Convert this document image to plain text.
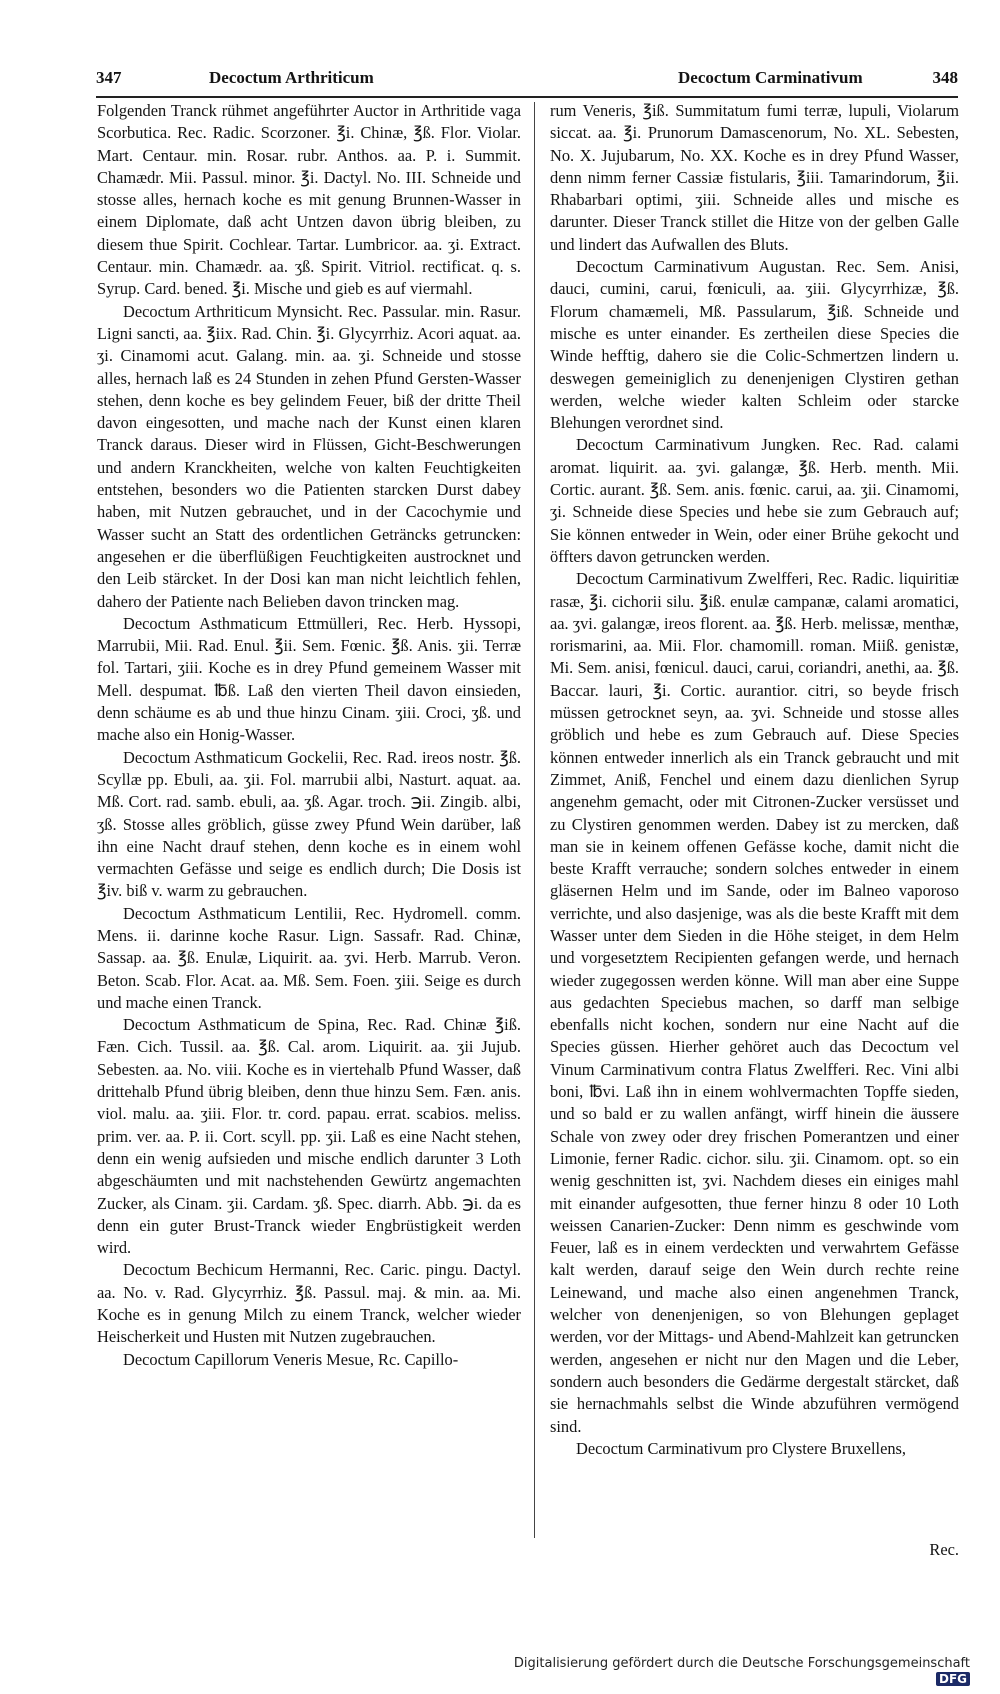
347	Decoctum Arthriticum	Decoctum Carminativum	348

Folgenden Tranck rühmet angeführter Auctor in Arthritide vaga Scorbutica. Rec. Radic. Scorzoner. ℥i. Chinæ, ℥ß. Flor. Violar. Mart. Centaur. min. Rosar. rubr. Anthos. aa. P. i. Summit. Chamædr. Mii. Passul. minor. ℥i. Dactyl. No. III. Schneide und stosse alles, hernach koche es mit genung Brunnen-Wasser in einem Diplomate, daß acht Untzen davon übrig bleiben, zu diesem thue Spirit. Cochlear. Tartar. Lumbricor. aa. ʒi. Extract. Centaur. min. Chamædr. aa. ʒß. Spirit. Vitriol. rectificat. q. s. Syrup. Card. bened. ℥i. Mische und gieb es auf viermahl.

Decoctum Arthriticum Mynsicht. Rec. Passular. min. Rasur. Ligni sancti, aa. ℥iix. Rad. Chin. ℥i. Glycyrrhiz. Acori aquat. aa. ʒi. Cinamomi acut. Galang. min. aa. ʒi. Schneide und stosse alles, hernach laß es 24 Stunden in zehen Pfund Gersten-Wasser stehen, denn koche es bey gelindem Feuer, biß der dritte Theil davon eingesotten, und mache nach der Kunst einen klaren Tranck daraus. Dieser wird in Flüssen, Gicht-Beschwerungen und andern Kranckheiten, welche von kalten Feuchtigkeiten entstehen, besonders wo die Patienten starcken Durst dabey haben, mit Nutzen gebrauchet, und in der Cacochymie und Wasser sucht an Statt des ordentlichen Geträncks getruncken: angesehen er die überflüßigen Feuchtigkeiten austrocknet und den Leib stärcket. In der Dosi kan man nicht leichtlich fehlen, dahero der Patiente nach Belieben davon trincken mag.

Decoctum Asthmaticum Ettmülleri, Rec. Herb. Hyssopi, Marrubii, Mii. Rad. Enul. ℥ii. Sem. Fœnic. ℥ß. Anis. ʒii. Terræ fol. Tartari, ʒiii. Koche es in drey Pfund gemeinem Wasser mit Mell. despumat. ℔ß. Laß den vierten Theil davon einsieden, denn schäume es ab und thue hinzu Cinam. ʒiii. Croci, ʒß. und mache also ein Honig-Wasser.

Decoctum Asthmaticum Gockelii, Rec. Rad. ireos nostr. ℥ß. Scyllæ pp. Ebuli, aa. ʒii. Fol. marrubii albi, Nasturt. aquat. aa. Mß. Cort. rad. samb. ebuli, aa. ʒß. Agar. troch. ℈ii. Zingib. albi, ʒß. Stosse alles gröblich, güsse zwey Pfund Wein darüber, laß ihn eine Nacht drauf stehen, denn koche es in einem wohl vermachten Gefässe und seige es endlich durch; Die Dosis ist ℥iv. biß v. warm zu gebrauchen.

Decoctum Asthmaticum Lentilii, Rec. Hydromell. comm. Mens. ii. darinne koche Rasur. Lign. Sassafr. Rad. Chinæ, Sassap. aa. ℥ß. Enulæ, Liquirit. aa. ʒvi. Herb. Marrub. Veron. Beton. Scab. Flor. Acat. aa. Mß. Sem. Foen. ʒiii. Seige es durch und mache einen Tranck.

Decoctum Asthmaticum de Spina, Rec. Rad. Chinæ ℥iß. Fæn. Cich. Tussil. aa. ℥ß. Cal. arom. Liquirit. aa. ʒii Jujub. Sebesten. aa. No. viii. Koche es in viertehalb Pfund Wasser, daß drittehalb Pfund übrig bleiben, denn thue hinzu Sem. Fæn. anis. viol. malu. aa. ʒiii. Flor. tr. cord. papau. errat. scabios. meliss. prim. ver. aa. P. ii. Cort. scyll. pp. ʒii. Laß es eine Nacht stehen, denn ein wenig aufsieden und mische endlich darunter 3 Loth abgeschäumten und mit nachstehenden Gewürtz angemachten Zucker, als Cinam. ʒii. Cardam. ʒß. Spec. diarrh. Abb. ℈i. da es denn ein guter Brust-Tranck wieder Engbrüstigkeit werden wird.

Decoctum Bechicum Hermanni, Rec. Caric. pingu. Dactyl. aa. No. v. Rad. Glycyrrhiz. ℥ß. Passul. maj. & min. aa. Mi. Koche es in genung Milch zu einem Tranck, welcher wieder Heischerkeit und Husten mit Nutzen zugebrauchen.

Decoctum Capillorum Veneris Mesue, Rc. Capillo-

rum Veneris, ℥iß. Summitatum fumi terræ, lupuli, Violarum siccat. aa. ℥i. Prunorum Damascenorum, No. XL. Sebesten, No. X. Jujubarum, No. XX. Koche es in drey Pfund Wasser, denn nimm ferner Cassiæ fistularis, ℥iii. Tamarindorum, ℥ii. Rhabarbari optimi, ʒiii. Schneide alles und mische es darunter. Dieser Tranck stillet die Hitze von der gelben Galle und lindert das Aufwallen des Bluts.

Decoctum Carminativum Augustan. Rec. Sem. Anisi, dauci, cumini, carui, fœniculi, aa. ʒiii. Glycyrrhizæ, ℥ß. Florum chamæmeli, Mß. Passularum, ℥iß. Schneide und mische es unter einander. Es zertheilen diese Species die Winde hefftig, dahero sie die Colic-Schmertzen lindern u. deswegen gemeiniglich zu denenjenigen Clystiren gethan werden, welche wieder kalten Schleim oder starcke Blehungen verordnet sind.

Decoctum Carminativum Jungken. Rec. Rad. calami aromat. liquirit. aa. ʒvi. galangæ, ℥ß. Herb. menth. Mii. Cortic. aurant. ℥ß. Sem. anis. fœnic. carui, aa. ʒii. Cinamomi, ʒi. Schneide diese Species und hebe sie zum Gebrauch auf; Sie können entweder in Wein, oder einer Brühe gekocht und öffters davon getruncken werden.

Decoctum Carminativum Zwelfferi, Rec. Radic. liquiritiæ rasæ, ℥i. cichorii silu. ℥iß. enulæ campanæ, calami aromatici, aa. ʒvi. galangæ, ireos florent. aa. ℥ß. Herb. melissæ, menthæ, rorismarini, aa. Mii. Flor. chamomill. roman. Miiß. genistæ, Mi. Sem. anisi, fœnicul. dauci, carui, coriandri, anethi, aa. ℥ß. Baccar. lauri, ℥i. Cortic. aurantior. citri, so beyde frisch müssen getrocknet seyn, aa. ʒvi. Schneide und stosse alles gröblich und hebe es zum Gebrauch auf. Diese Species können entweder innerlich als ein Tranck gebraucht und mit Zimmet, Aniß, Fenchel und einem dazu dienlichen Syrup angenehm gemacht, oder mit Citronen-Zucker versüsset und zu Clystiren genommen werden. Dabey ist zu mercken, daß man sie in keinem offenen Gefässe koche, damit nicht die beste Krafft verrauche; sondern solches entweder in einem gläsernen Helm und im Sande, oder im Balneo vaporoso verrichte, und also dasjenige, was als die beste Krafft mit dem Wasser unter dem Sieden in die Höhe steiget, in dem Helm und vorgesetztem Recipienten gefangen werde, und hernach wieder zugegossen werden könne. Will man aber eine Suppe aus gedachten Speciebus machen, so darff man selbige ebenfalls nicht kochen, sondern nur eine Nacht auf die Species güssen. Hierher gehöret auch das Decoctum vel Vinum Carminativum contra Flatus Zwelfferi. Rec. Vini albi boni, ℔vi. Laß ihn in einem wohlvermachten Topffe sieden, und so bald er zu wallen anfängt, wirff hinein die äussere Schale von zwey oder drey frischen Pomerantzen und einer Limonie, ferner Radic. cichor. silu. ʒii. Cinamom. opt. so ein wenig geschnitten ist, ʒvi. Nachdem dieses ein einiges mahl mit einander aufgesotten, thue ferner hinzu 8 oder 10 Loth weissen Canarien-Zucker: Denn nimm es geschwinde vom Feuer, laß es in einem verdeckten und verwahrtem Gefässe kalt werden, darauf seige den Wein durch rechte reine Leinewand, und mache also einen angenehmen Tranck, welcher von denenjenigen, so von Blehungen geplaget werden, vor der Mittags- und Abend-Mahlzeit kan getruncken werden, angesehen er nicht nur den Magen und die Leber, sondern auch besonders die Gedärme dergestalt stärcket, daß sie hernachmahls selbst die Winde abzuführen vermögend sind.

Decoctum Carminativum pro Clystere Bruxellens,

Rec.
Digitalisierung gefördert durch die Deutsche Forschungsgemeinschaft DFG
